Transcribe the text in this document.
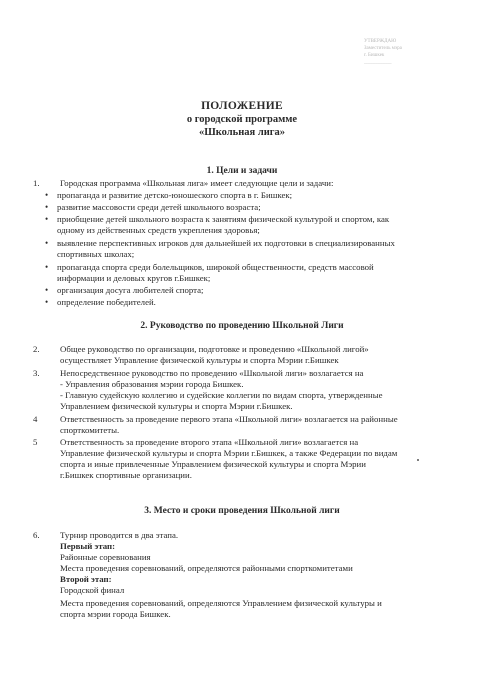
УТВЕРЖДАЮ
Заместитель мэра
г. Бишкек
___________
ПОЛОЖЕНИЕ
о городской программе
«Школьная лига»
1. Цели и задачи
1. Городская программа «Школьная лига» имеет следующие цели и задачи:
• пропаганда и развитие детско-юношеского спорта в г. Бишкек;
• развитие массовости среди детей школьного возраста;
• приобщение детей школьного возраста к занятиям физической культурой и спортом, как
одному из действенных средств укрепления здоровья;
• выявление перспективных игроков для дальнейшей их подготовки в специализированных
спортивных школах;
• пропаганда спорта среди болельщиков, широкой общественности, средств массовой
информации и деловых кругов г.Бишкек;
• организация досуга любителей спорта;
• определение победителей.
2. Руководство по проведению Школьной Лиги
2. Общее руководство по организации, подготовке и проведению «Школьной лигой»
осуществляет Управление физической культуры и спорта Мэрии г.Бишкек
3. Непосредственное руководство по проведению «Школьной лиги» возлагается на
- Управления образования мэрии города Бишкек.
- Главную судейскую коллегию и судейские коллегии по видам спорта, утвержденные
Управлением физической культуры и спорта Мэрии г.Бишкек.
4	Ответственность за проведение первого этапа «Школьной лиги» возлагается на районные
спорткомитеты.
5	Ответственность за проведение второго этапа «Школьной лиги» возлагается на
Управление физической культуры и спорта Мэрии г.Бишкек, а также Федерации по видам
спорта и иные привлеченные Управлением физической культуры и спорта Мэрии
г.Бишкек спортивные организации.
3. Место и сроки проведения Школьной лиги
6. Турнир проводится в два этапа.
Первый этап:
Районные соревнования
Места проведения соревнований, определяются районными спорткомитетами
Второй этап:
Городской финал
Места проведения соревнований, определяются Управлением физической культуры и
спорта мэрии города Бишкек.
